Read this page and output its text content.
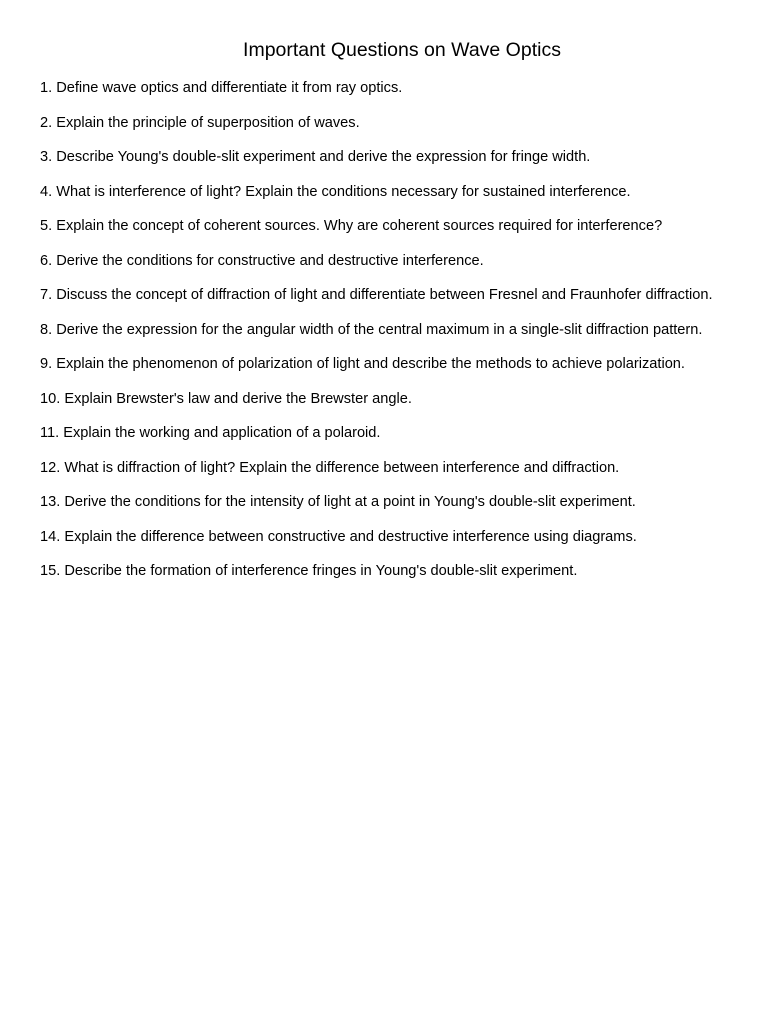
Important Questions on Wave Optics
1. Define wave optics and differentiate it from ray optics.
2. Explain the principle of superposition of waves.
3. Describe Young's double-slit experiment and derive the expression for fringe width.
4. What is interference of light? Explain the conditions necessary for sustained interference.
5. Explain the concept of coherent sources. Why are coherent sources required for interference?
6. Derive the conditions for constructive and destructive interference.
7. Discuss the concept of diffraction of light and differentiate between Fresnel and Fraunhofer diffraction.
8. Derive the expression for the angular width of the central maximum in a single-slit diffraction pattern.
9. Explain the phenomenon of polarization of light and describe the methods to achieve polarization.
10. Explain Brewster's law and derive the Brewster angle.
11. Explain the working and application of a polaroid.
12. What is diffraction of light? Explain the difference between interference and diffraction.
13. Derive the conditions for the intensity of light at a point in Young's double-slit experiment.
14. Explain the difference between constructive and destructive interference using diagrams.
15. Describe the formation of interference fringes in Young's double-slit experiment.
